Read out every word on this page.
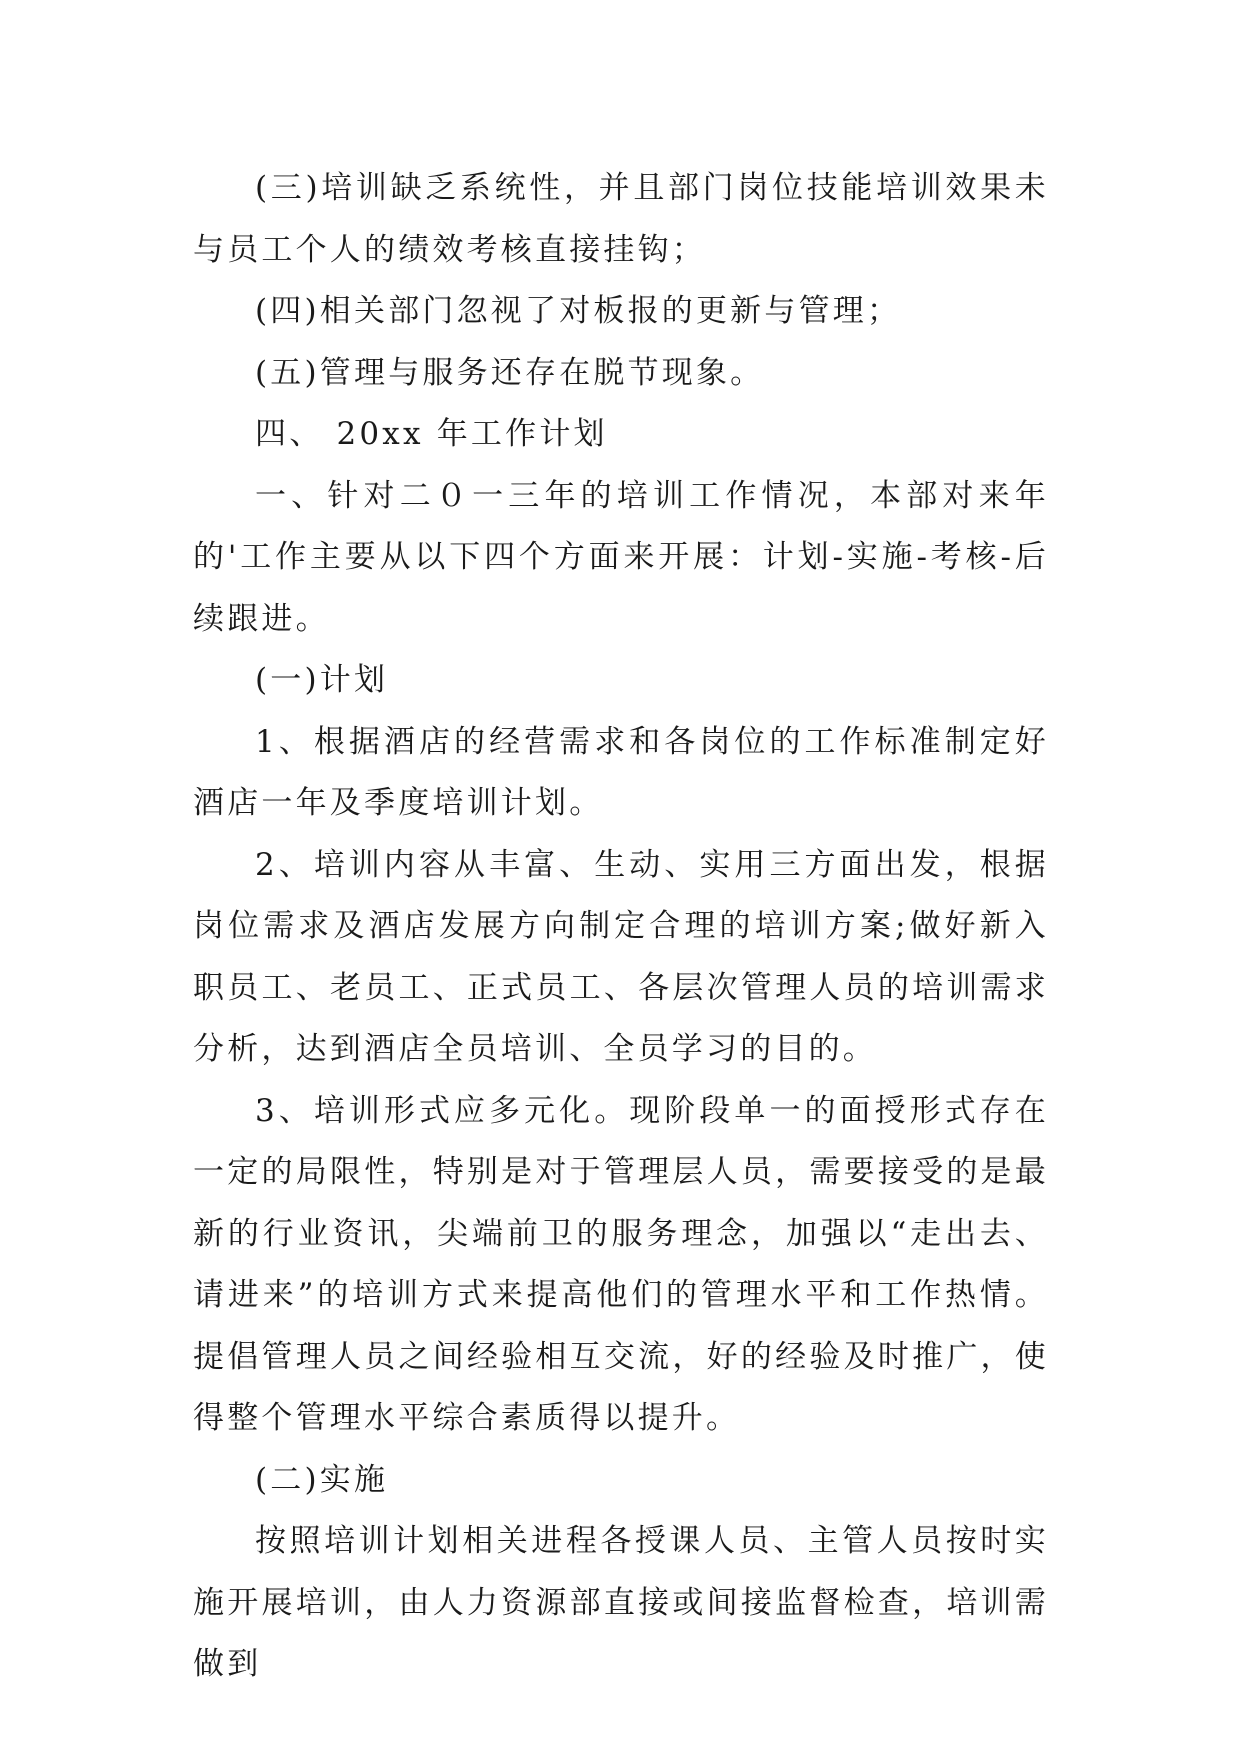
(三)培训缺乏系统性，并且部门岗位技能培训效果未与员工个人的绩效考核直接挂钩；

(四)相关部门忽视了对板报的更新与管理；

(五)管理与服务还存在脱节现象。

四、 20xx 年工作计划

一、针对二０一三年的培训工作情况，本部对来年的'工作主要从以下四个方面来开展：计划-实施-考核-后续跟进。

(一)计划

1、根据酒店的经营需求和各岗位的工作标准制定好酒店一年及季度培训计划。

2、培训内容从丰富、生动、实用三方面出发，根据岗位需求及酒店发展方向制定合理的培训方案;做好新入职员工、老员工、正式员工、各层次管理人员的培训需求分析，达到酒店全员培训、全员学习的目的。

3、培训形式应多元化。现阶段单一的面授形式存在一定的局限性，特别是对于管理层人员，需要接受的是最新的行业资讯，尖端前卫的服务理念，加强以“走出去、请进来”的培训方式来提高他们的管理水平和工作热情。提倡管理人员之间经验相互交流，好的经验及时推广，使得整个管理水平综合素质得以提升。

(二)实施

按照培训计划相关进程各授课人员、主管人员按时实施开展培训，由人力资源部直接或间接监督检查，培训需做到
